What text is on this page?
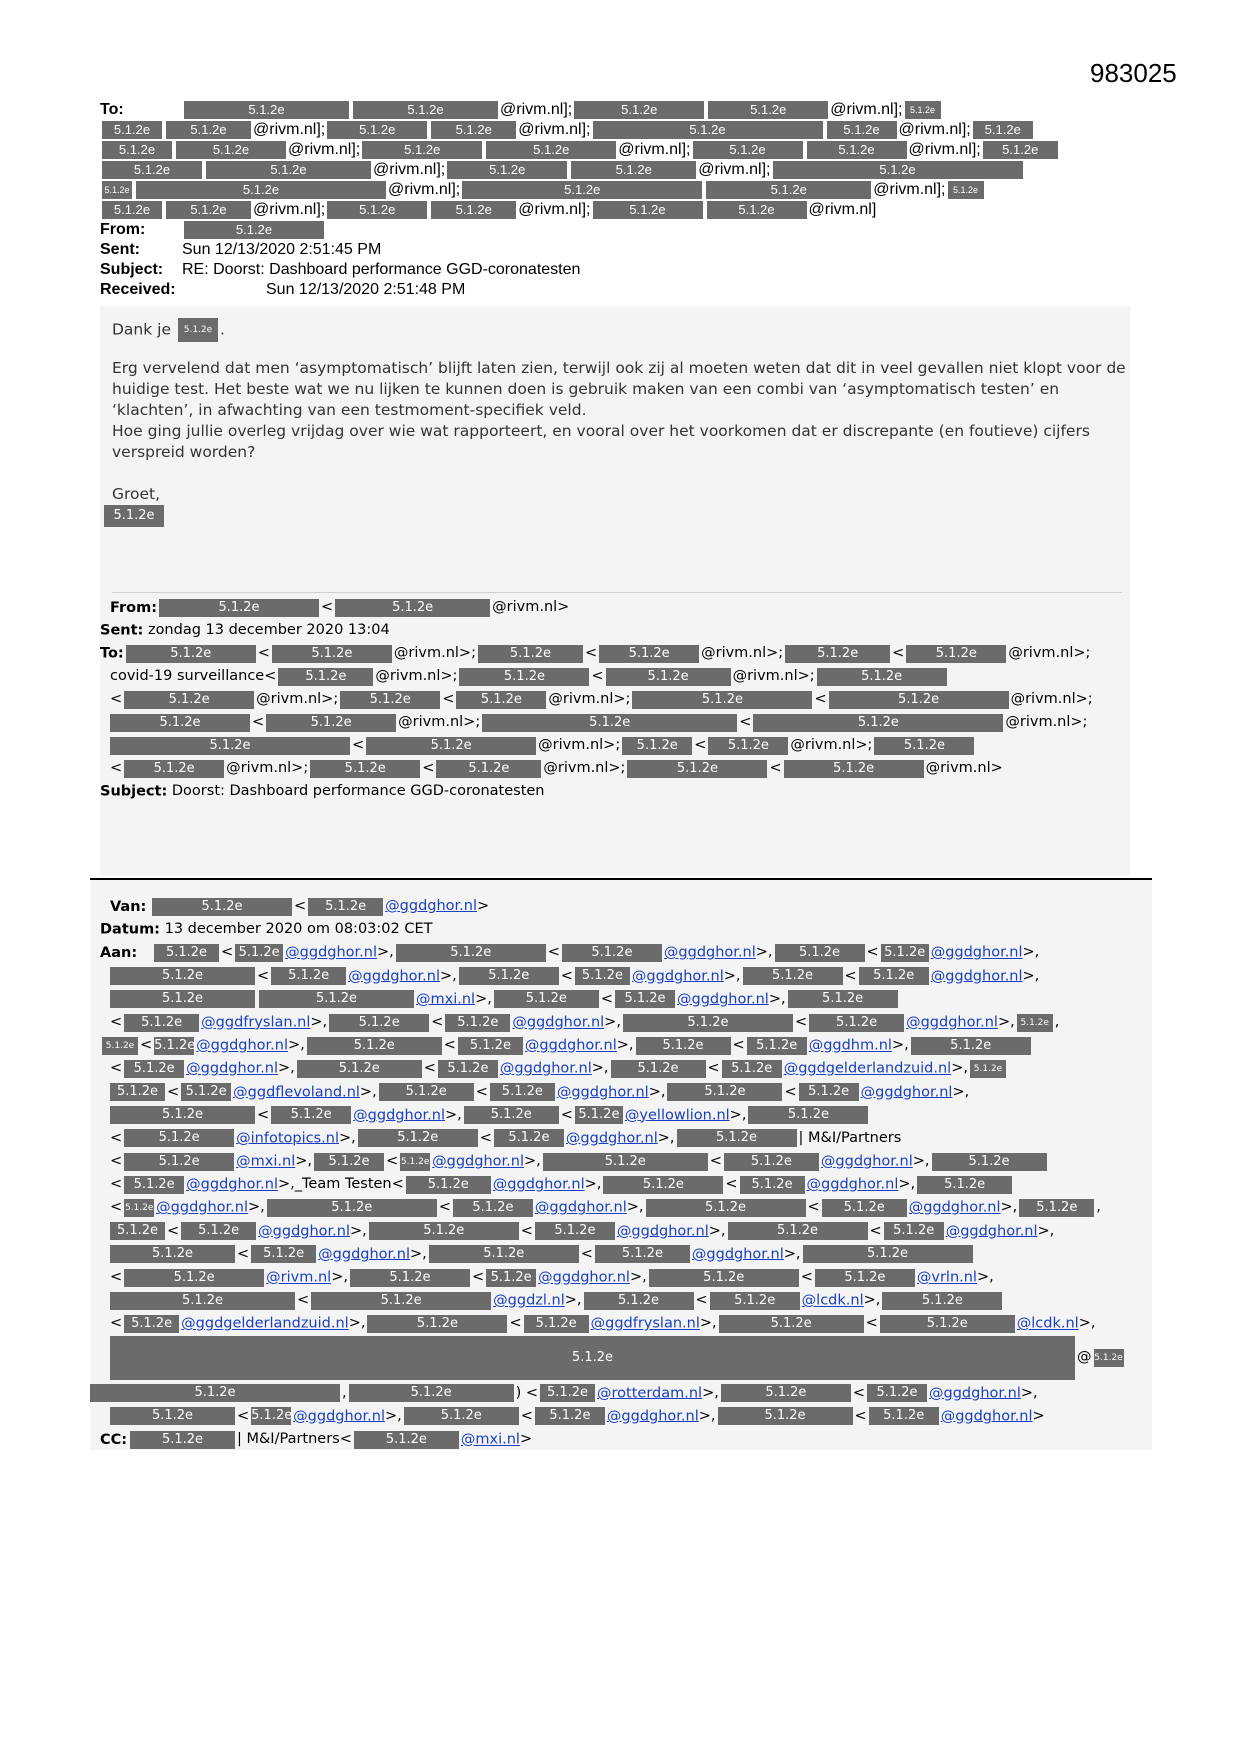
983025
To:	5.1.2e	5.1.2e	@rivm.nl];	5.1.2e	5.1.2e	@rivm.nl]; 5.1.2e
5.1.2e	5.1.2e @rivm.nl];	5.1.2e	5.1.2e @rivm.nl];	5.1.2e	5.1.2e @rivm.nl]; 5.1.2e
5.1.2e	5.1.2e @rivm.nl];	5.1.2e	5.1.2e	@rivm.nl];	5.1.2e	5.1.2e @rivm.nl]; 5.1.2e
5.1.2e	5.1.2e	@rivm.nl];	5.1.2e	5.1.2e	@rivm.nl];	5.1.2e
5.1.2e	5.1.2e	@rivm.nl];	5.1.2e	5.1.2e	@rivm.nl]; 5.1.2e
5.1.2e	5.1.2e @rivm.nl];	5.1.2e	5.1.2e @rivm.nl];	5.1.2e	5.1.2e @rivm.nl]
From:	5.1.2e
Sent:	Sun 12/13/2020 2:51:45 PM
Subject: RE: Doorst: Dashboard performance GGD-coronatesten
Received:	Sun 12/13/2020 2:51:48 PM

Dank je 5.1.2e .

Erg vervelend dat men ‘asymptomatisch’ blijft laten zien, terwijl ook zij al moeten weten dat dit in veel gevallen niet klopt voor de huidige test. Het beste wat we nu lijken te kunnen doen is gebruik maken van een combi van ‘asymptomatisch testen’ en ‘klachten’, in afwachting van een testmoment-specifiek veld.
Hoe ging jullie overleg vrijdag over wie wat rapporteert, en vooral over het voorkomen dat er discrepante (en foutieve) cijfers verspreid worden?

Groet,

5.1.2e
From:	5.1.2e	<	5.1.2e	@rivm.nl>
Sent: zondag 13 december 2020 13:04
To:	5.1.2e	<	5.1.2e	@rivm.nl>;	5.1.2e < 5.1.2e @rivm.nl>;	5.1.2e < 5.1.2e @rivm.nl>;
covid-19 surveillance< 5.1.2e @rivm.nl>;	5.1.2e	<	5.1.2e	@rivm.nl>;	5.1.2e
<	5.1.2e	@rivm.nl>; 5.1.2e < 5.1.2e @rivm.nl>;	5.1.2e	<	5.1.2e	@rivm.nl>;
5.1.2e	<	5.1.2e	@rivm.nl>;	5.1.2e	<	5.1.2e	@rivm.nl>;
5.1.2e	<	5.1.2e	@rivm.nl>; 5.1.2e < 5.1.2e @rivm.nl>; 5.1.2e
< 5.1.2e @rivm.nl>;	5.1.2e	<	5.1.2e @rivm.nl>;	5.1.2e	<	5.1.2e	@rivm.nl>
Subject: Doorst: Dashboard performance GGD-coronatesten
Van:	5.1.2e	< 5.1.2e @ggdghor.nl>
Datum: 13 december 2020 om 08:03:02 CET
Aan: 5.1.2e < 5.1.2e @ggdghor.nl>,	5.1.2e	< 5.1.2e @ggdghor.nl>, 5.1.2e < 5.1.2e @ggdghor.nl>,
5.1.2e	< 5.1.2e @ggdghor.nl>, 5.1.2e < 5.1.2e @ggdghor.nl>, 5.1.2e < 5.1.2e @ggdghor.nl>,
5.1.2e	5.1.2e	@mxi.nl>,	5.1.2e < 5.1.2e @ggdghor.nl>,	5.1.2e
< 5.1.2e @ggdfryslan.nl>, 5.1.2e < 5.1.2e @ggdghor.nl>,	5.1.2e	< 5.1.2e @ggdghor.nl>, 5.1.2e ,
5.1.2e < 5.1.2e@ggdghor.nl>,	5.1.2e	< 5.1.2e @ggdghor.nl>, 5.1.2e < 5.1.2e @ggdhm.nl>,	5.1.2e
< 5.1.2e @ggdghor.nl>,	5.1.2e	< 5.1.2e @ggdghor.nl>, 5.1.2e < 5.1.2e @ggdgelderlandzuid.nl>, 5.1.2e
5.1.2e < 5.1.2e @ggdflevoland.nl>, 5.1.2e < 5.1.2e @ggdghor.nl>,	5.1.2e	< 5.1.2e @ggdghor.nl>,
5.1.2e	< 5.1.2e @ggdghor.nl>, 5.1.2e < 5.1.2e @yellowlion.nl>,	5.1.2e
<	5.1.2e	@infotopics.nl>,	5.1.2e	< 5.1.2e @ggdghor.nl>,	5.1.2e	| M&I/Partners
<	5.1.2e	@mxi.nl>, 5.1.2e < 5.1.2e @ggdghor.nl>,	5.1.2e	< 5.1.2e @ggdghor.nl>,	5.1.2e
< 5.1.2e @ggdghor.nl>,_Team Testen< 5.1.2e @ggdghor.nl>,	5.1.2e	< 5.1.2e @ggdghor.nl>, 5.1.2e
< 5.1.2e @ggdghor.nl>,	5.1.2e	< 5.1.2e @ggdghor.nl>,	5.1.2e	< 5.1.2e @ggdghor.nl>, 5.1.2e ,
5.1.2e < 5.1.2e @ggdghor.nl>,	5.1.2e	< 5.1.2e @ggdghor.nl>,	5.1.2e	< 5.1.2e @ggdghor.nl>,
5.1.2e	< 5.1.2e @ggdghor.nl>,	5.1.2e	< 5.1.2e @ggdghor.nl>,	5.1.2e
<	5.1.2e	@rivm.nl>,	5.1.2e	< 5.1.2e @ggdghor.nl>,	5.1.2e	< 5.1.2e @vrln.nl>,
5.1.2e	<	5.1.2e	@ggdzl.nl>,	5.1.2e	< 5.1.2e @lcdk.nl>,	5.1.2e
< 5.1.2e @ggdgelderlandzuid.nl>,	5.1.2e	< 5.1.2e @ggdfryslan.nl>,	5.1.2e	<	5.1.2e	@lcdk.nl>,
5.1.2e	@ 5.1.2e
5.1.2e	,	5.1.2e	) < 5.1.2e @rotterdam.nl>,	5.1.2e	< 5.1.2e @ggdghor.nl>,
5.1.2e	< 5.1.2e@ggdghor.nl>,	5.1.2e	< 5.1.2e @ggdghor.nl>,	5.1.2e	< 5.1.2e @ggdghor.nl>
CC:	5.1.2e | M&I/Partners<	5.1.2e @mxi.nl>
